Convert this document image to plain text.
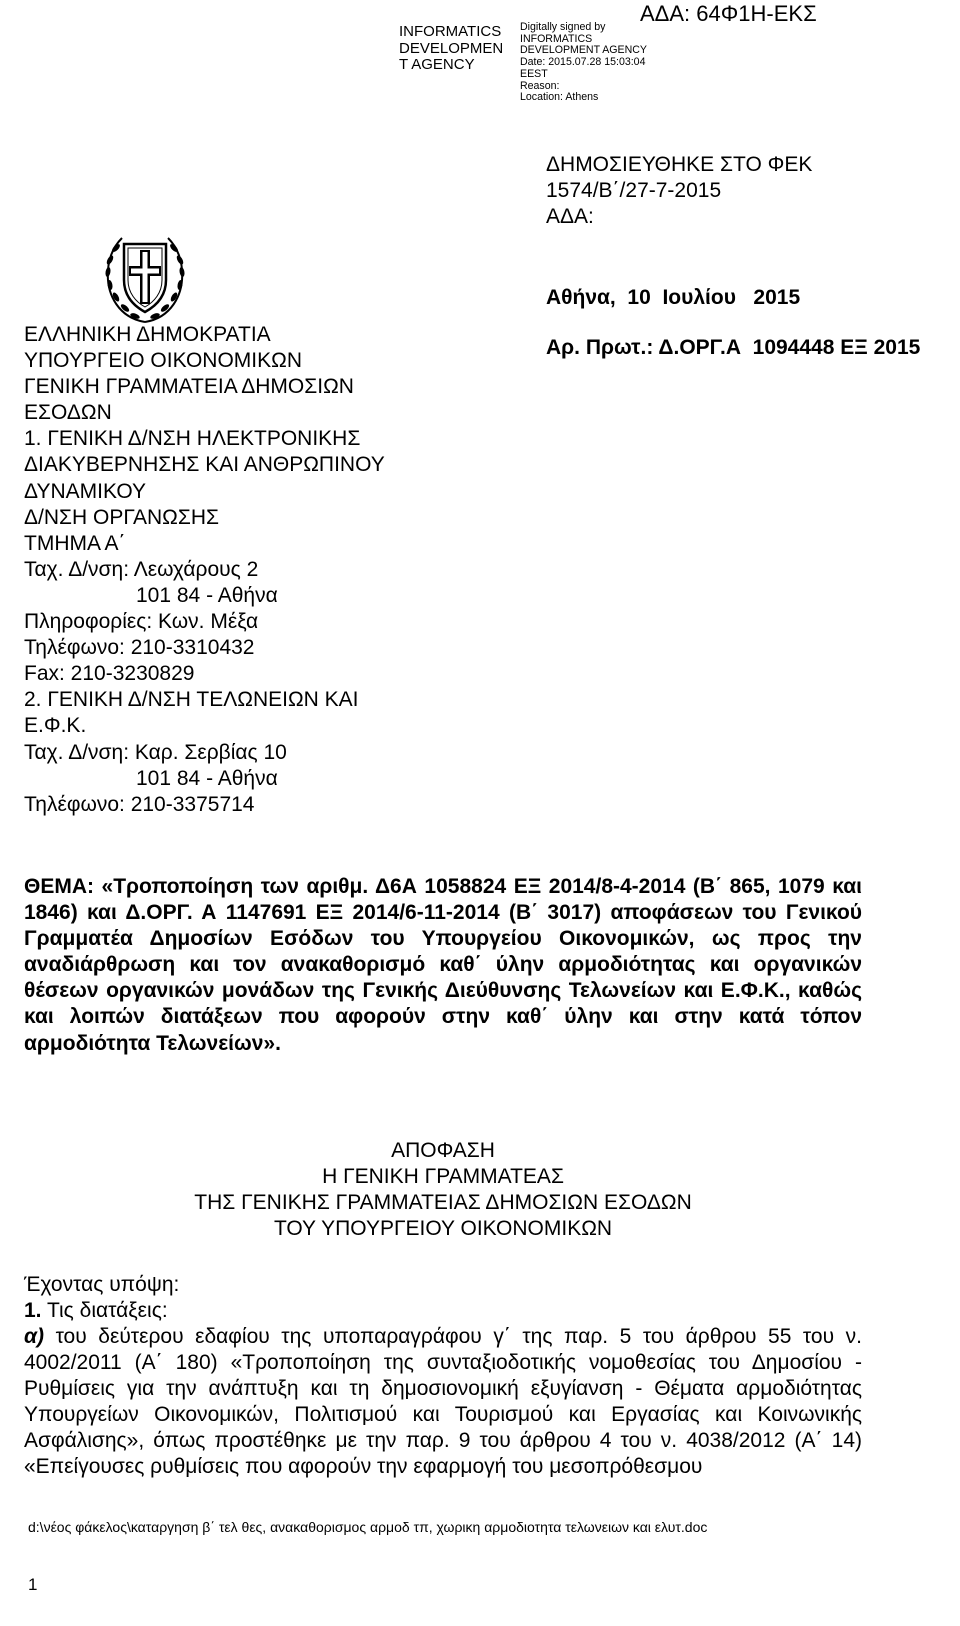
INFORMATICS
DEVELOPMEN
T AGENCY
Digitally signed by
INFORMATICS
DEVELOPMENT AGENCY
Date: 2015.07.28 15:03:04
EEST
Reason:
Location: Athens
ΑΔΑ: 64Φ1Η-ΕΚΣ
ΔΗΜΟΣΙΕΥΘΗΚΕ ΣΤΟ ΦΕΚ
1574/Β΄/27-7-2015
ΑΔΑ:
ΕΛΛΗΝΙΚΗ ΔΗΜΟΚΡΑΤΙΑ
ΥΠΟΥΡΓΕΙΟ ΟΙΚΟΝΟΜΙΚΩΝ
ΓΕΝΙΚΗ ΓΡΑΜΜΑΤΕΙΑ ΔΗΜΟΣΙΩΝ
ΕΣΟΔΩΝ
1. ΓΕΝΙΚΗ Δ/ΝΣΗ ΗΛΕΚΤΡΟΝΙΚΗΣ
ΔΙΑΚΥΒΕΡΝΗΣΗΣ ΚΑΙ ΑΝΘΡΩΠΙΝΟΥ
ΔΥΝΑΜΙΚΟΥ
Δ/ΝΣΗ ΟΡΓΑΝΩΣΗΣ
ΤΜΗΜΑ Α΄
Ταχ. Δ/νση: Λεωχάρους 2
101 84 - Αθήνα
Πληροφορίες: Κων. Μέξα
Τηλέφωνο: 210-3310432
Fax: 210-3230829
2. ΓΕΝΙΚΗ Δ/ΝΣΗ ΤΕΛΩΝΕΙΩΝ ΚΑΙ
Ε.Φ.Κ.
Ταχ. Δ/νση: Καρ. Σερβίας 10
101 84 - Αθήνα
Τηλέφωνο: 210-3375714
Αθήνα,  10  Ιουλίου   2015
Αρ. Πρωτ.: Δ.ΟΡΓ.Α  1094448 ΕΞ 2015
ΘΕΜΑ: «Τροποποίηση των αριθμ. Δ6Α 1058824 ΕΞ 2014/8-4-2014 (Β΄ 865, 1079 και 1846) και Δ.ΟΡΓ. Α 1147691 ΕΞ 2014/6-11-2014 (Β΄ 3017) αποφάσεων του Γενικού Γραμματέα Δημοσίων Εσόδων του Υπουργείου Οικονομικών, ως προς την αναδιάρθρωση και τον ανακαθορισμό καθ΄ ύλην αρμοδιότητας και οργανικών θέσεων οργανικών μονάδων της Γενικής Διεύθυνσης Τελωνείων και Ε.Φ.Κ., καθώς και λοιπών διατάξεων που αφορούν στην καθ΄ ύλην και στην κατά τόπον αρμοδιότητα Τελωνείων».
ΑΠΟΦΑΣΗ
Η ΓΕΝΙΚΗ ΓΡΑΜΜΑΤΕΑΣ
ΤΗΣ ΓΕΝΙΚΗΣ ΓΡΑΜΜΑΤΕΙΑΣ ΔΗΜΟΣΙΩΝ ΕΣΟΔΩΝ
ΤΟΥ ΥΠΟΥΡΓΕΙΟΥ ΟΙΚΟΝΟΜΙΚΩΝ
Έχοντας υπόψη:
1. Τις διατάξεις:
α) του δεύτερου εδαφίου της υποπαραγράφου γ΄ της παρ. 5 του άρθρου 55 του ν. 4002/2011 (Α΄ 180) «Τροποποίηση της συνταξιοδοτικής νομοθεσίας του Δημοσίου - Ρυθμίσεις για την ανάπτυξη και τη δημοσιονομική εξυγίανση - Θέματα αρμοδιότητας Υπουργείων Οικονομικών, Πολιτισμού και Τουρισμού και Εργασίας και Κοινωνικής Ασφάλισης», όπως προστέθηκε με την παρ. 9 του άρθρου 4 του ν. 4038/2012 (Α΄ 14) «Επείγουσες ρυθμίσεις που αφορούν την εφαρμογή του μεσοπρόθεσμου
d:\νέος φάκελος\καταργηση β΄ τελ θες, ανακαθορισμος αρμοδ τπ, χωρικη αρμοδιοτητα τελωνειων και ελυτ.doc
1
